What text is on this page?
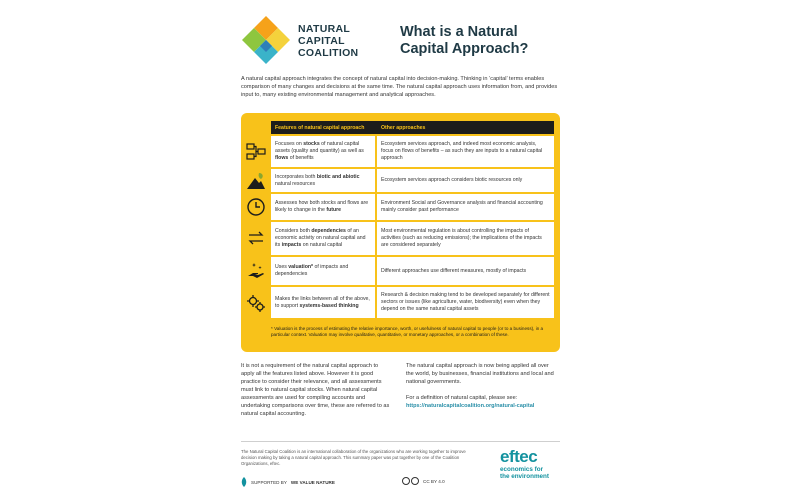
NATURAL
CAPITAL
COALITION
What is a Natural
Capital Approach?

A natural capital approach integrates the concept of natural capital into decision-making. Thinking in ‘capital’ terms enables comparison of many changes and decisions at the same time. The natural capital approach uses information from, and provides input to, many existing environmental management and analytical approaches.

Features of natural capital approach	Other approaches
Focuses on stocks of natural capital assets (quality and quantity) as well as flows of benefits
Ecosystem services approach, and indeed most economic analysis, focus on flows of benefits – as such they are inputs to a natural capital approach
Incorporates both biotic and abiotic natural resources
Ecosystem services approach considers biotic resources only
Assesses how both stocks and flows are likely to change in the future
Environment Social and Governance analysis and financial accounting mainly consider past performance
Considers both dependencies of an economic activity on natural capital and its impacts on natural capital
Most environmental regulation is about controlling the impacts of activities (such as reducing emissions); the implications of the impacts are considered separately
Uses valuation* of impacts and dependencies
Different approaches use different measures, mostly of impacts
Makes the links between all of the above, to support systems-based thinking
Research & decision making tend to be developed separately for different sectors or issues (like agriculture, water, biodiversity) even when they depend on the same natural capital assets
* Valuation is the process of estimating the relative importance, worth, or usefulness of natural capital to people (or to a business), in a particular context. Valuation may involve qualitative, quantitative, or monetary approaches, or a combination of these.
It is not a requirement of the natural capital approach to apply all the features listed above. However it is good practice to consider their relevance, and all assessments must link to natural capital stocks. When natural capital assessments are used for compiling accounts and undertaking comparisons over time, these are referred to as natural capital accounting.
The natural capital approach is now being applied all over the world, by businesses, financial institutions and local and national governments.
For a definition of natural capital, please see:
https://naturalcapitalcoalition.org/natural-capital
The Natural Capital Coalition is an international collaboration of the organizations who are working together to improve decision making by taking a natural capital approach. This summary paper was put together by one of the Coalition Organizations, eftec.
SUPPORTED BY WE VALUE NATURE	CC BY 4.0
eftec
economics for
the environment
